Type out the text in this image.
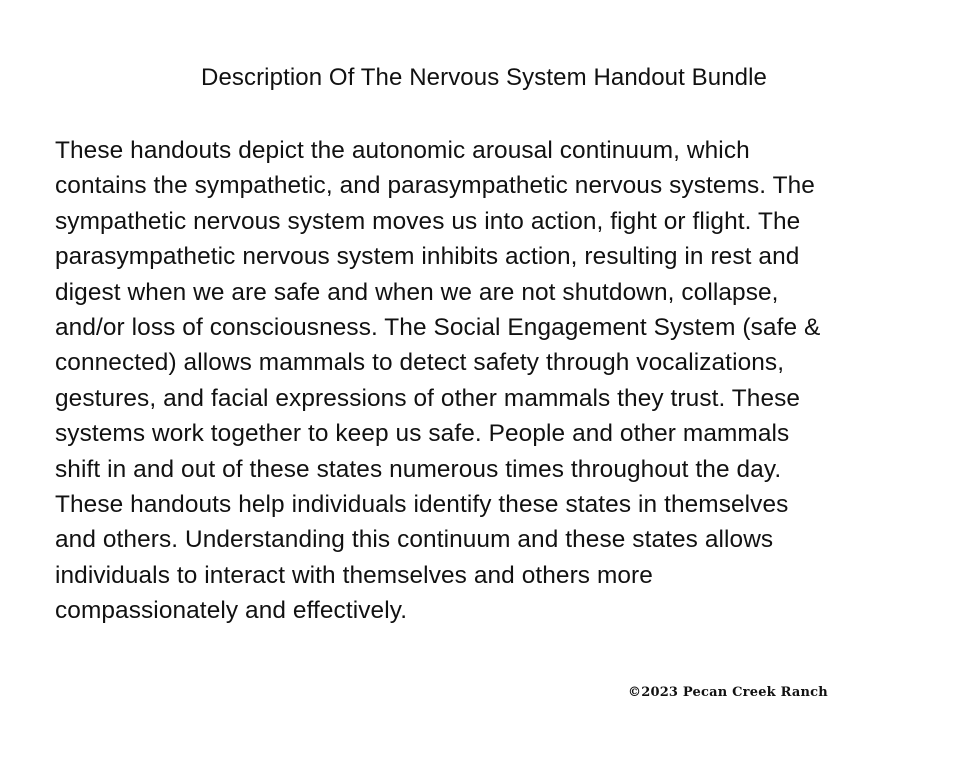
Description Of The Nervous System Handout Bundle
These handouts depict the autonomic arousal continuum, which
contains the sympathetic, and parasympathetic nervous systems. The
sympathetic nervous system moves us into action, fight or flight. The
parasympathetic nervous system inhibits action, resulting in rest and
digest when we are safe and when we are not shutdown, collapse,
and/or loss of consciousness. The Social Engagement System (safe &
connected) allows mammals to detect safety through vocalizations,
gestures, and facial expressions of other mammals they trust. These
systems work together to keep us safe. People and other mammals
shift in and out of these states numerous times throughout the day.
These handouts help individuals identify these states in themselves
and others. Understanding this continuum and these states allows
individuals to interact with themselves and others more
compassionately and effectively.
©2023 Pecan Creek Ranch
